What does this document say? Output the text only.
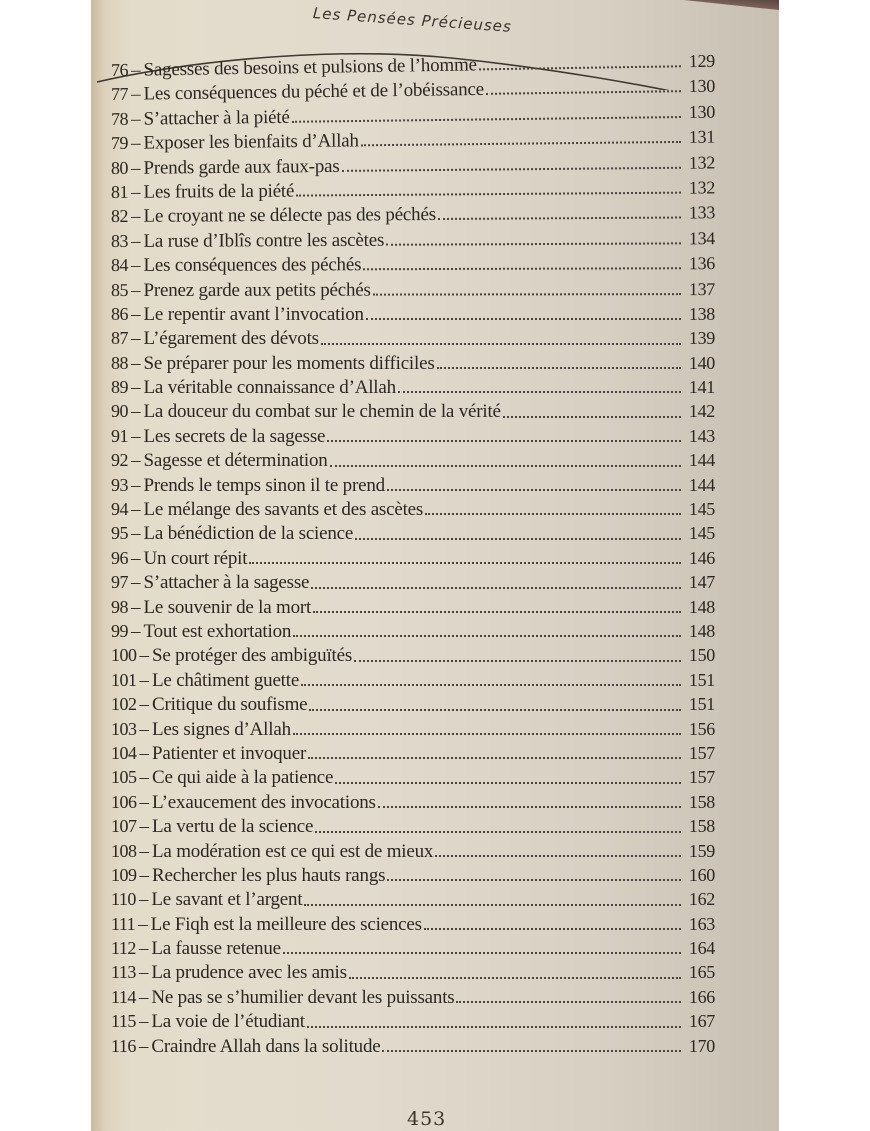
Les Pensées Précieuses
76 – Sagesses des besoins et pulsions de l’homme	129
77 – Les conséquences du péché et de l’obéissance	130
78 – S’attacher à la piété	130
79 – Exposer les bienfaits d’Allah	131
80 – Prends garde aux faux-pas	132
81 – Les fruits de la piété	132
82 – Le croyant ne se délecte pas des péchés	133
83 – La ruse d’Iblîs contre les ascètes	134
84 – Les conséquences des péchés	136
85 – Prenez garde aux petits péchés	137
86 – Le repentir avant l’invocation	138
87 – L’égarement des dévots	139
88 – Se préparer pour les moments difficiles	140
89 – La véritable connaissance d’Allah	141
90 – La douceur du combat sur le chemin de la vérité	142
91 – Les secrets de la sagesse	143
92 – Sagesse et détermination	144
93 – Prends le temps sinon il te prend	144
94 – Le mélange des savants et des ascètes	145
95 – La bénédiction de la science	145
96 – Un court répit	146
97 – S’attacher à la sagesse	147
98 – Le souvenir de la mort	148
99 – Tout est exhortation	148
100 – Se protéger des ambiguïtés	150
101 – Le châtiment guette	151
102 – Critique du soufisme	151
103 – Les signes d’Allah	156
104 – Patienter et invoquer	157
105 – Ce qui aide à la patience	157
106 – L’exaucement des invocations	158
107 – La vertu de la science	158
108 – La modération est ce qui est de mieux	159
109 – Rechercher les plus hauts rangs	160
110 – Le savant et l’argent	162
111 – Le Fiqh est la meilleure des sciences	163
112 – La fausse retenue	164
113 – La prudence avec les amis	165
114 – Ne pas se s’humilier devant les puissants	166
115 – La voie de l’étudiant	167
116 – Craindre Allah dans la solitude	170
453
